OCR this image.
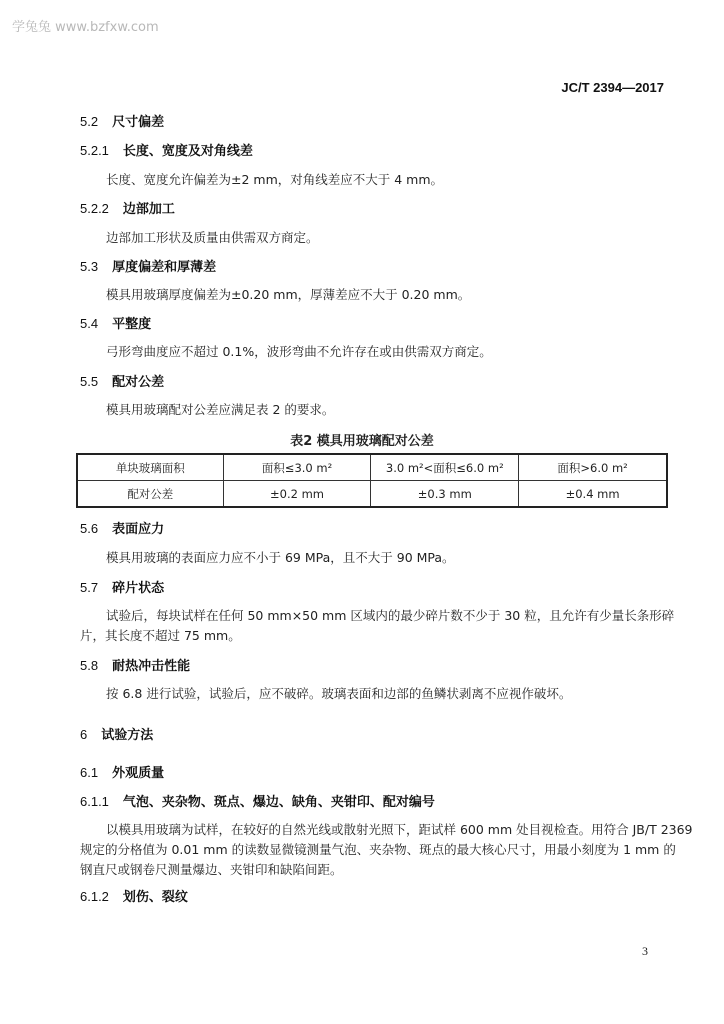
学兔兔 www.bzfxw.com
JC/T 2394—2017
5.2 尺寸偏差
5.2.1 长度、宽度及对角线差
长度、宽度允许偏差为±2 mm，对角线差应不大于 4 mm。
5.2.2 边部加工
边部加工形状及质量由供需双方商定。
5.3 厚度偏差和厚薄差
模具用玻璃厚度偏差为±0.20 mm，厚薄差应不大于 0.20 mm。
5.4 平整度
弓形弯曲度应不超过 0.1%，波形弯曲不允许存在或由供需双方商定。
5.5 配对公差
模具用玻璃配对公差应满足表 2 的要求。
表2 模具用玻璃配对公差
单块玻璃面积	面积≤3.0 m²	3.0 m²<面积≤6.0 m²	面积>6.0 m²
配对公差	±0.2 mm	±0.3 mm	±0.4 mm
5.6 表面应力
模具用玻璃的表面应力应不小于 69 MPa，且不大于 90 MPa。
5.7 碎片状态
试验后，每块试样在任何 50 mm×50 mm 区域内的最少碎片数不少于 30 粒，且允许有少量长条形碎
片，其长度不超过 75 mm。
5.8 耐热冲击性能
按 6.8 进行试验，试验后，应不破碎。玻璃表面和边部的鱼鳞状剥离不应视作破坏。
6 试验方法
6.1 外观质量
6.1.1 气泡、夹杂物、斑点、爆边、缺角、夹钳印、配对编号
以模具用玻璃为试样，在较好的自然光线或散射光照下，距试样 600 mm 处目视检查。用符合 JB/T 2369
规定的分格值为 0.01 mm 的读数显微镜测量气泡、夹杂物、斑点的最大核心尺寸，用最小刻度为 1 mm 的
钢直尺或钢卷尺测量爆边、夹钳印和缺陷间距。
6.1.2 划伤、裂纹
3
